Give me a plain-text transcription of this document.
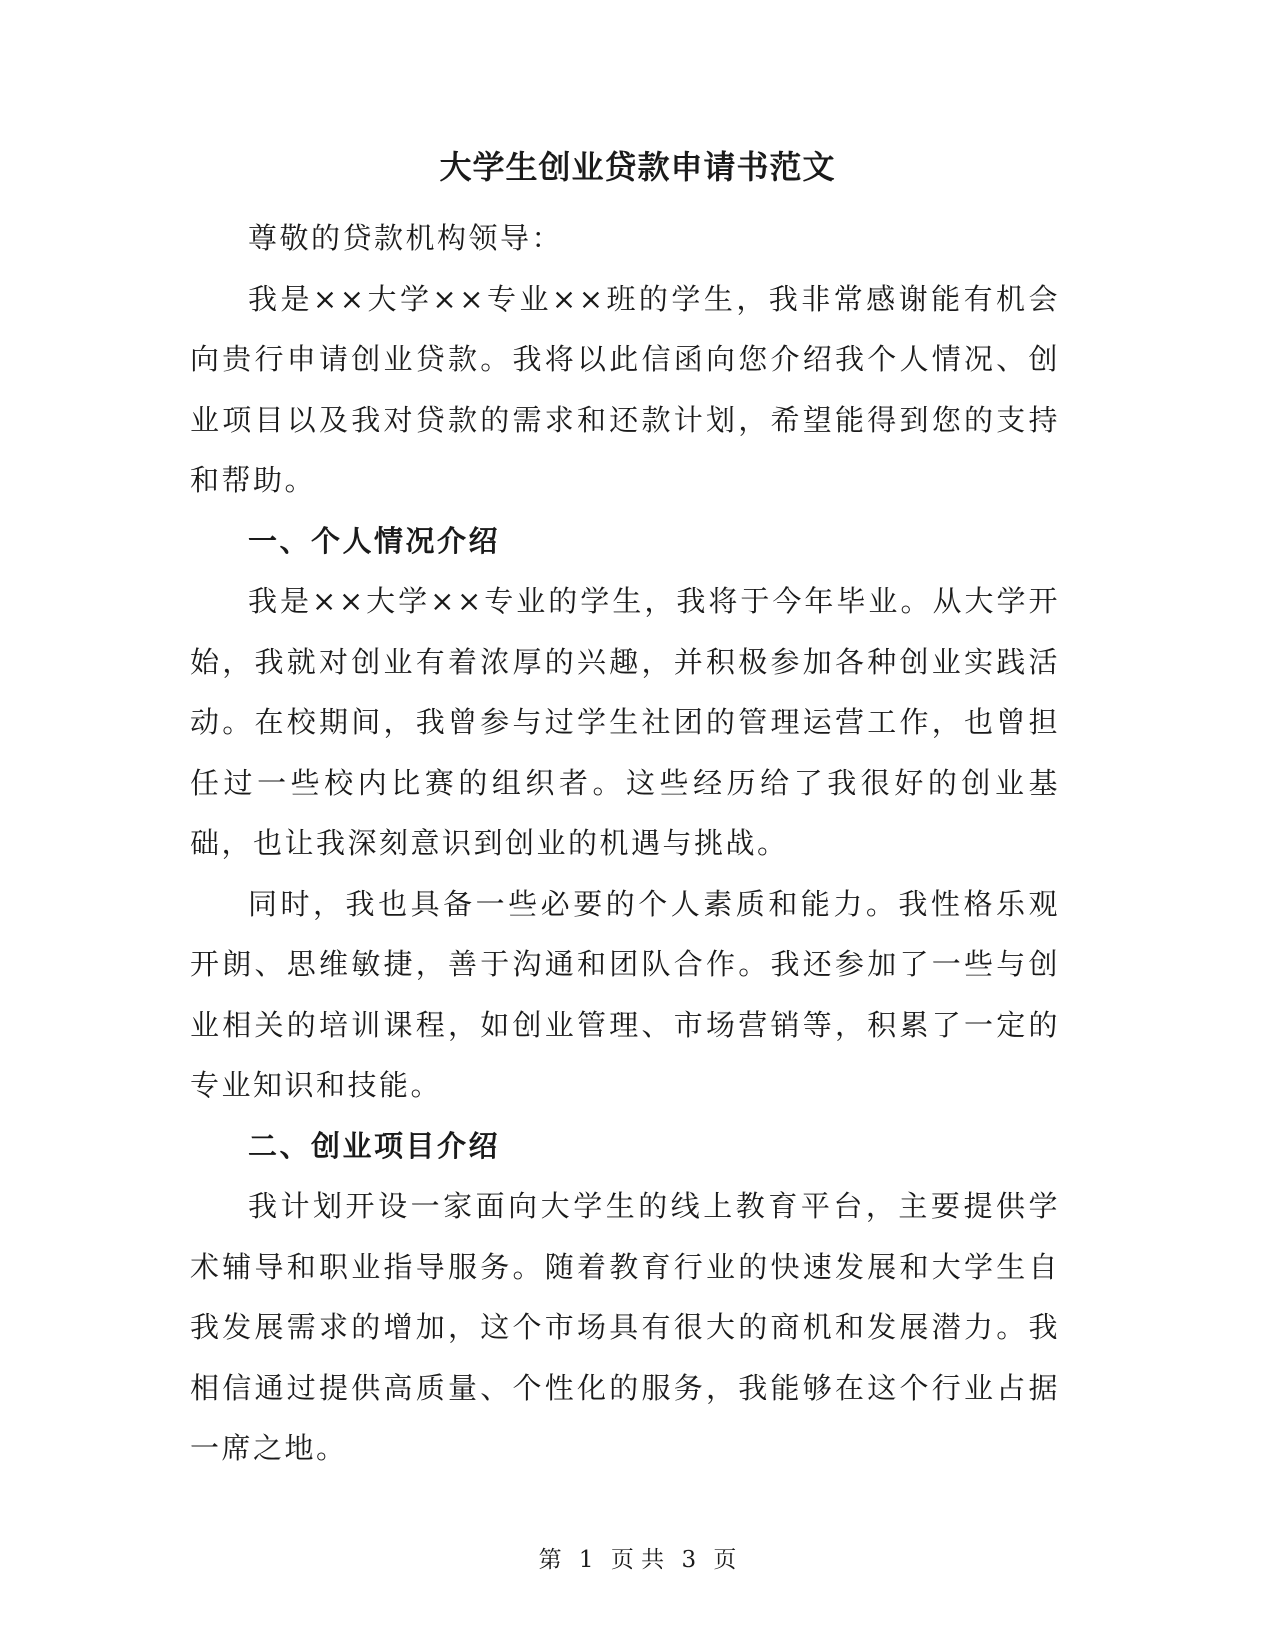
大学生创业贷款申请书范文

尊敬的贷款机构领导：

我是××大学××专业××班的学生，我非常感谢能有机会向贵行申请创业贷款。我将以此信函向您介绍我个人情况、创业项目以及我对贷款的需求和还款计划，希望能得到您的支持和帮助。

一、个人情况介绍

我是××大学××专业的学生，我将于今年毕业。从大学开始，我就对创业有着浓厚的兴趣，并积极参加各种创业实践活动。在校期间，我曾参与过学生社团的管理运营工作，也曾担任过一些校内比赛的组织者。这些经历给了我很好的创业基础，也让我深刻意识到创业的机遇与挑战。

同时，我也具备一些必要的个人素质和能力。我性格乐观开朗、思维敏捷，善于沟通和团队合作。我还参加了一些与创业相关的培训课程，如创业管理、市场营销等，积累了一定的专业知识和技能。

二、创业项目介绍

我计划开设一家面向大学生的线上教育平台，主要提供学术辅导和职业指导服务。随着教育行业的快速发展和大学生自我发展需求的增加，这个市场具有很大的商机和发展潜力。我相信通过提供高质量、个性化的服务，我能够在这个行业占据一席之地。

第 1 页 共 3 页
